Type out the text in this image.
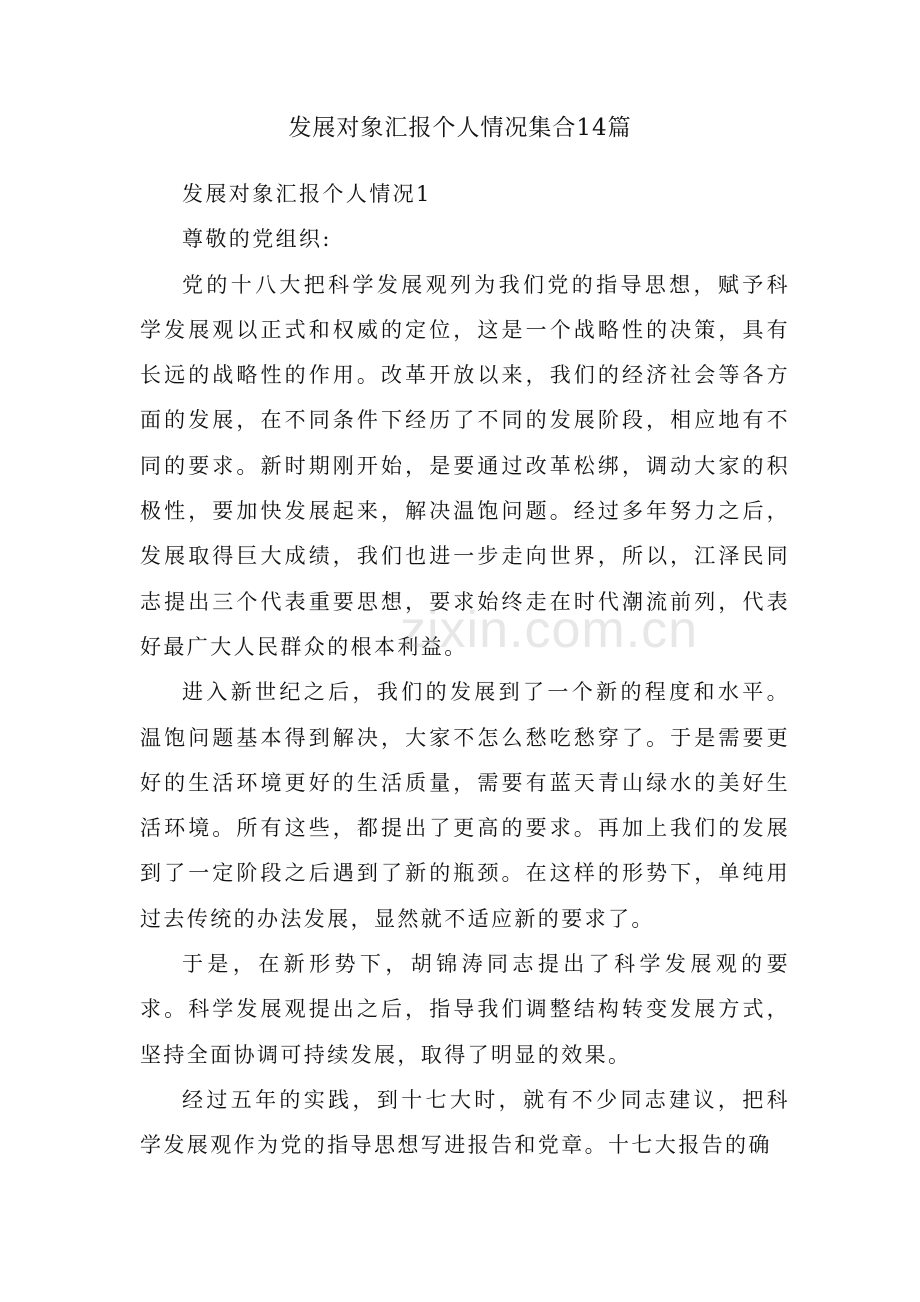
发展对象汇报个人情况集合14篇

发展对象汇报个人情况1

尊敬的党组织:

党的十八大把科学发展观列为我们党的指导思想，赋予科学发展观以正式和权威的定位，这是一个战略性的决策，具有长远的战略性的作用。改革开放以来，我们的经济社会等各方面的发展，在不同条件下经历了不同的发展阶段，相应地有不同的要求。新时期刚开始，是要通过改革松绑，调动大家的积极性，要加快发展起来，解决温饱问题。经过多年努力之后，发展取得巨大成绩，我们也进一步走向世界，所以，江泽民同志提出三个代表重要思想，要求始终走在时代潮流前列，代表好最广大人民群众的根本利益。

进入新世纪之后，我们的发展到了一个新的程度和水平。温饱问题基本得到解决，大家不怎么愁吃愁穿了。于是需要更好的生活环境更好的生活质量，需要有蓝天青山绿水的美好生活环境。所有这些，都提出了更高的要求。再加上我们的发展到了一定阶段之后遇到了新的瓶颈。在这样的形势下，单纯用过去传统的办法发展，显然就不适应新的要求了。

于是，在新形势下，胡锦涛同志提出了科学发展观的要求。科学发展观提出之后，指导我们调整结构转变发展方式，坚持全面协调可持续发展，取得了明显的效果。

经过五年的实践，到十七大时，就有不少同志建议，把科学发展观作为党的指导思想写进报告和党章。十七大报告的确

zixin.com.cn
